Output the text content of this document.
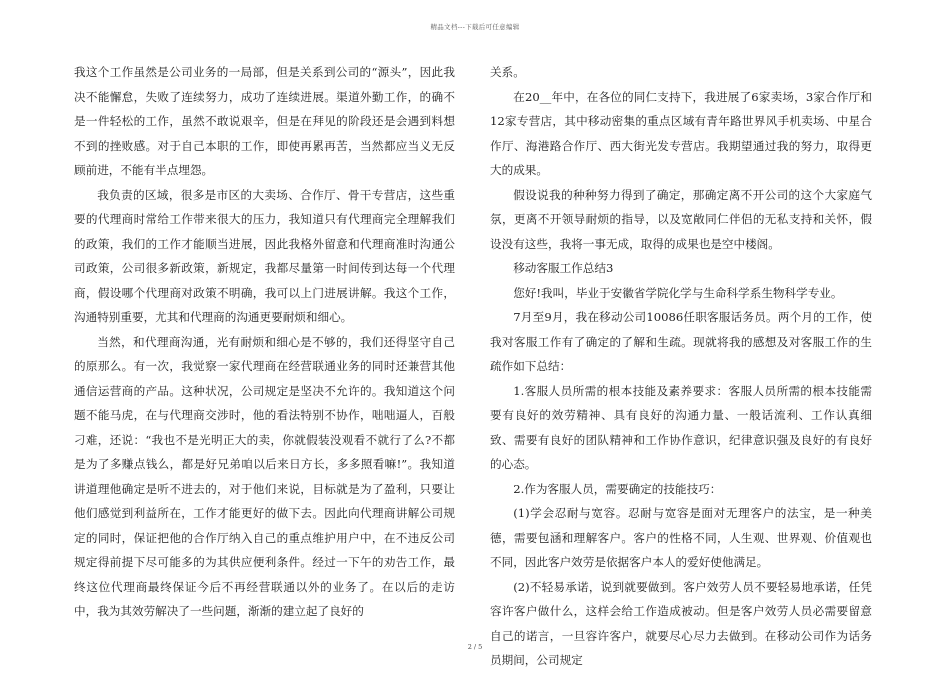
精品文档---下载后可任意编辑

我这个工作虽然是公司业务的一局部，但是关系到公司的“源头”，因此我决不能懈怠，失败了连续努力，成功了连续进展。渠道外勤工作，的确不是一件轻松的工作，虽然不敢说艰辛，但是在拜见的阶段还是会遇到料想不到的挫败感。对于自己本职的工作，即使再累再苦，当然都应当义无反顾前进，不能有半点埋怨。

我负责的区域，很多是市区的大卖场、合作厅、骨干专营店，这些重要的代理商时常给工作带来很大的压力，我知道只有代理商完全理解我们的政策，我们的工作才能顺当进展，因此我格外留意和代理商准时沟通公司政策，公司很多新政策，新规定，我都尽量第一时间传到达每一个代理商，假设哪个代理商对政策不明确，我可以上门进展讲解。我这个工作，沟通特别重要，尤其和代理商的沟通更要耐烦和细心。

当然，和代理商沟通，光有耐烦和细心是不够的，我们还得坚守自己的原那么。有一次，我觉察一家代理商在经营联通业务的同时还兼营其他通信运营商的产品。这种状况，公司规定是坚决不允许的。我知道这个问题不能马虎，在与代理商交涉时，他的看法特别不协作，咄咄逼人，百般刁难，还说：“我也不是光明正大的卖，你就假装没观看不就行了么?不都是为了多赚点钱么，都是好兄弟咱以后来日方长，多多照看嘛!”。我知道讲道理他确定是听不进去的，对于他们来说，目标就是为了盈利，只要让他们感觉到利益所在，工作才能更好的做下去。因此向代理商讲解公司规定的同时，保证把他的合作厅纳入自己的重点维护用户中，在不违反公司规定得前提下尽可能多的为其供应便利条件。经过一下午的劝告工作，最终这位代理商最终保证今后不再经营联通以外的业务了。在以后的走访中，我为其效劳解决了一些问题，渐渐的建立起了良好的

关系。

在20__年中，在各位的同仁支持下，我进展了6家卖场，3家合作厅和12家专营店，其中移动密集的重点区域有青年路世界风手机卖场、中星合作厅、海港路合作厅、西大街光发专营店。我期望通过我的努力，取得更大的成果。

假设说我的种种努力得到了确定，那确定离不开公司的这个大家庭气氛，更离不开领导耐烦的指导，以及宽敞同仁伴侣的无私支持和关怀，假设没有这些，我将一事无成，取得的成果也是空中楼阁。

移动客服工作总结3

您好!我叫，毕业于安徽省学院化学与生命科学系生物科学专业。

7月至9月，我在移动公司10086任职客服话务员。两个月的工作，使我对客服工作有了确定的了解和生疏。现就将我的感想及对客服工作的生疏作如下总结：

1.客服人员所需的根本技能及素养要求：客服人员所需的根本技能需要有良好的效劳精神、具有良好的沟通力量、一般话流利、工作认真细致、需要有良好的团队精神和工作协作意识，纪律意识强及良好的有良好的心态。

2.作为客服人员，需要确定的技能技巧：

(1)学会忍耐与宽容。忍耐与宽容是面对无理客户的法宝，是一种美德，需要包涵和理解客户。客户的性格不同，人生观、世界观、价值观也不同，因此客户效劳是依据客户本人的爱好使他满足。

(2)不轻易承诺，说到就要做到。客户效劳人员不要轻易地承诺，任凭容许客户做什么，这样会给工作造成被动。但是客户效劳人员必需要留意自己的诺言，一旦容许客户，就要尽心尽力去做到。在移动公司作为话务员期间，公司规定

2 / 5
